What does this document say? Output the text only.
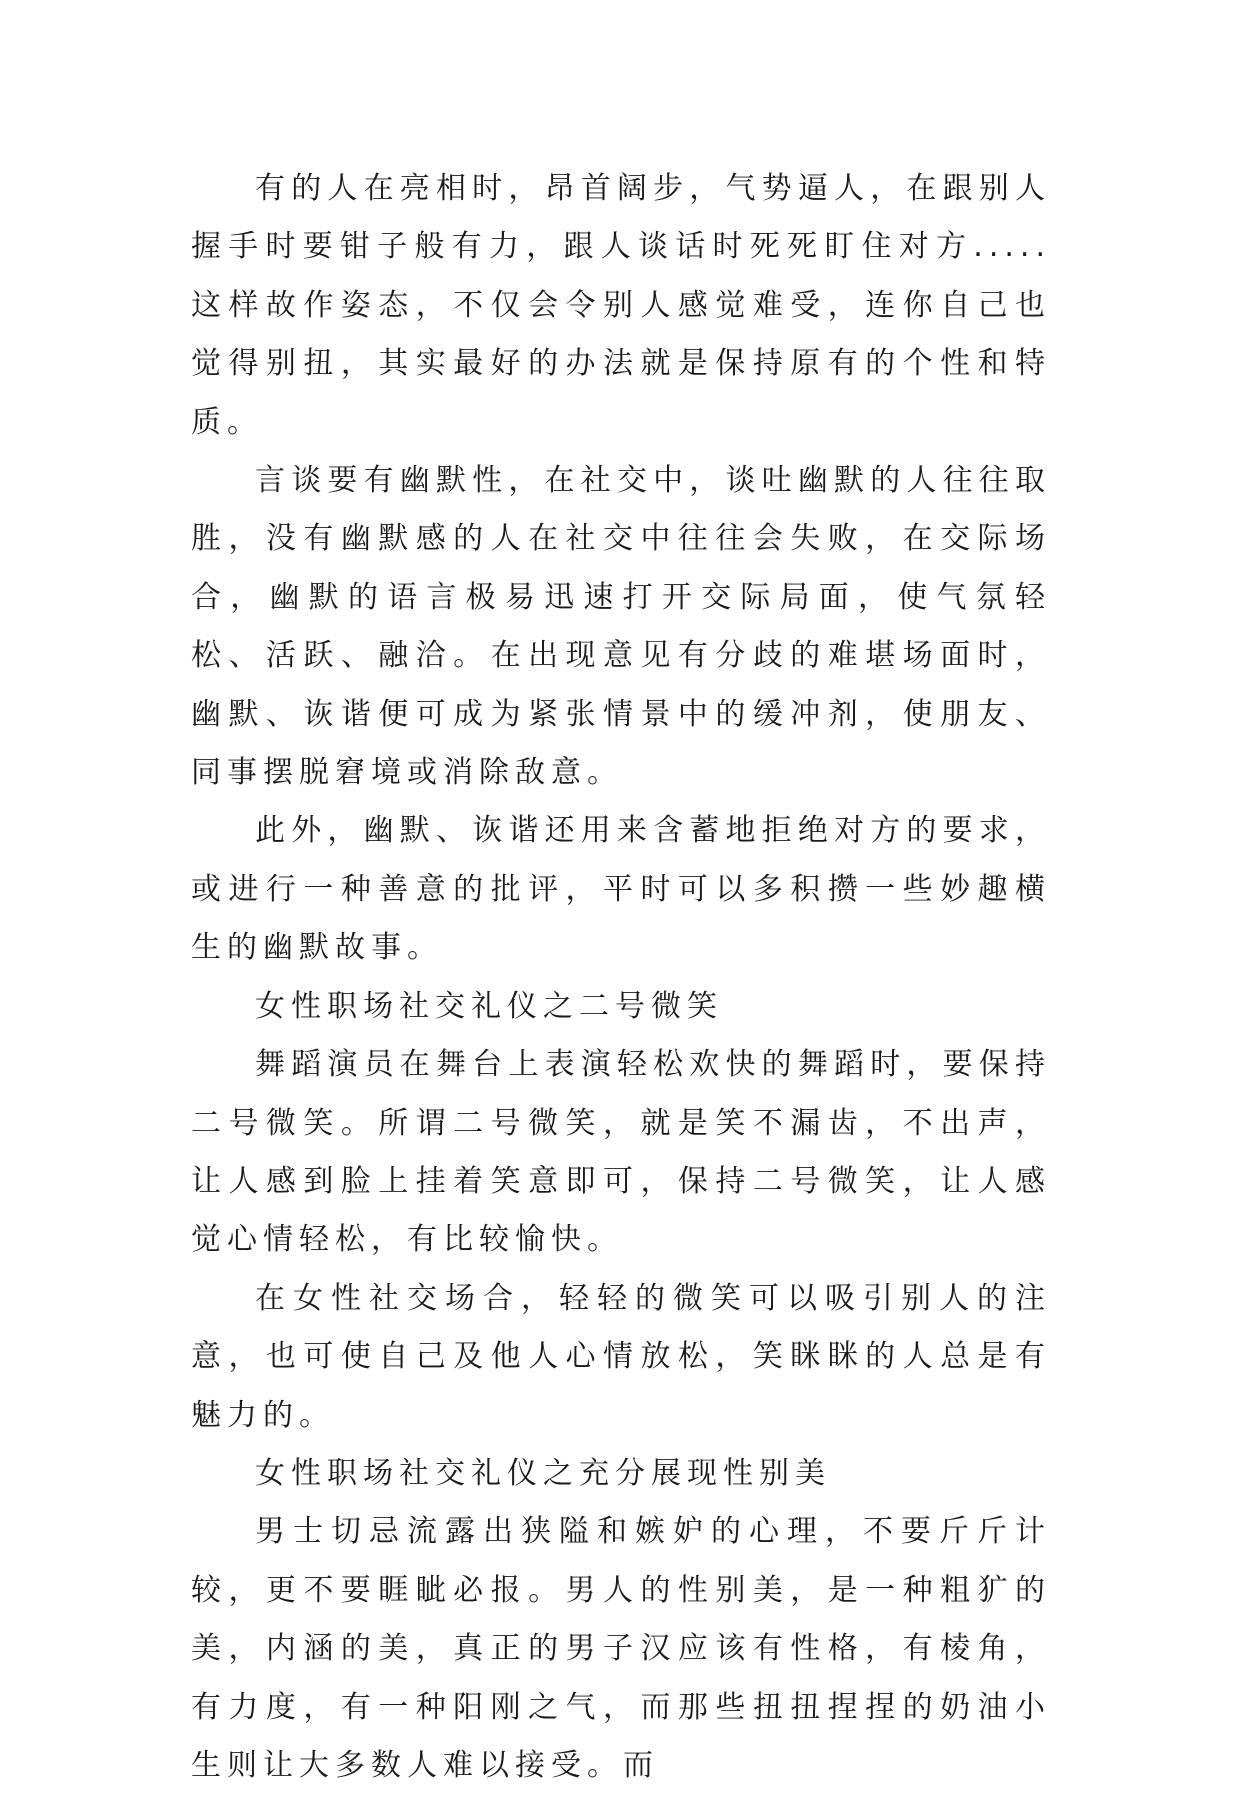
有的人在亮相时，昂首阔步，气势逼人，在跟别人握手时要钳子般有力，跟人谈话时死死盯住对方.....这样故作姿态，不仅会令别人感觉难受，连你自己也觉得别扭，其实最好的办法就是保持原有的个性和特质。

言谈要有幽默性，在社交中，谈吐幽默的人往往取胜，没有幽默感的人在社交中往往会失败，在交际场合，幽默的语言极易迅速打开交际局面，使气氛轻松、活跃、融洽。在出现意见有分歧的难堪场面时，幽默、诙谐便可成为紧张情景中的缓冲剂，使朋友、同事摆脱窘境或消除敌意。

此外，幽默、诙谐还用来含蓄地拒绝对方的要求，或进行一种善意的批评，平时可以多积攒一些妙趣横生的幽默故事。

女性职场社交礼仪之二号微笑

舞蹈演员在舞台上表演轻松欢快的舞蹈时，要保持二号微笑。所谓二号微笑，就是笑不漏齿，不出声，让人感到脸上挂着笑意即可，保持二号微笑，让人感觉心情轻松，有比较愉快。

在女性社交场合，轻轻的微笑可以吸引别人的注意，也可使自己及他人心情放松，笑眯眯的人总是有魅力的。

女性职场社交礼仪之充分展现性别美

男士切忌流露出狭隘和嫉妒的心理，不要斤斤计较，更不要睚眦必报。男人的性别美，是一种粗犷的美，内涵的美，真正的男子汉应该有性格，有棱角，有力度，有一种阳刚之气，而那些扭扭捏捏的奶油小生则让大多数人难以接受。而
